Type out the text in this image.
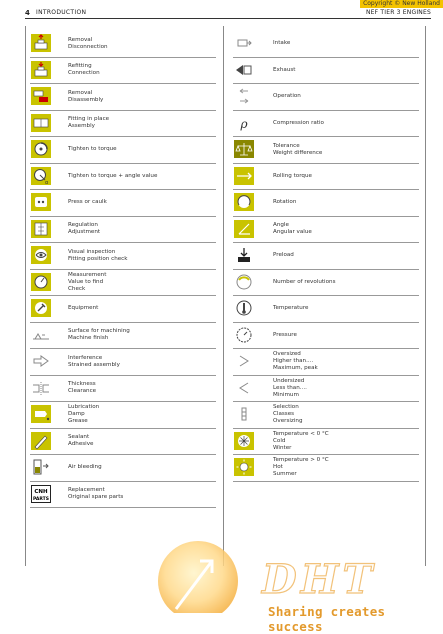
Copyright © New Holland
4 INTRODUCTION	NEF TIER 3 ENGINES
Removal
Disconnection
Refitting
Connection
Removal
Disassembly
Fitting in place
Assembly
Tighten to torque
α
Tighten to torque + angle value
Press or caulk
Regulation
Adjustment
Visual inspection
Fitting position check
Measurement
Value to find
Check
Equipment
Surface for machining
Machine finish
Interference
Strained assembly
Thickness
Clearance
Lubrication
Damp
Grease
Sealant
Adhesive
Air bleeding
CNH
PARTS
Replacement
Original spare parts
Intake
Exhaust
Operation
ρ	Compression ratio
Tolerance
Weight difference
Rolling torque
Rotation
Angle
Angular value
Preload
Number of revolutions
Temperature
Pressure
Oversized
Higher than....
Maximum, peak
Undersized
Less than....
Minimum
Selection
Classes
Oversizing
Temperature < 0 °C
Cold
Winter
Temperature > 0 °C
Hot
Summer
DHT
Sharing creates success
